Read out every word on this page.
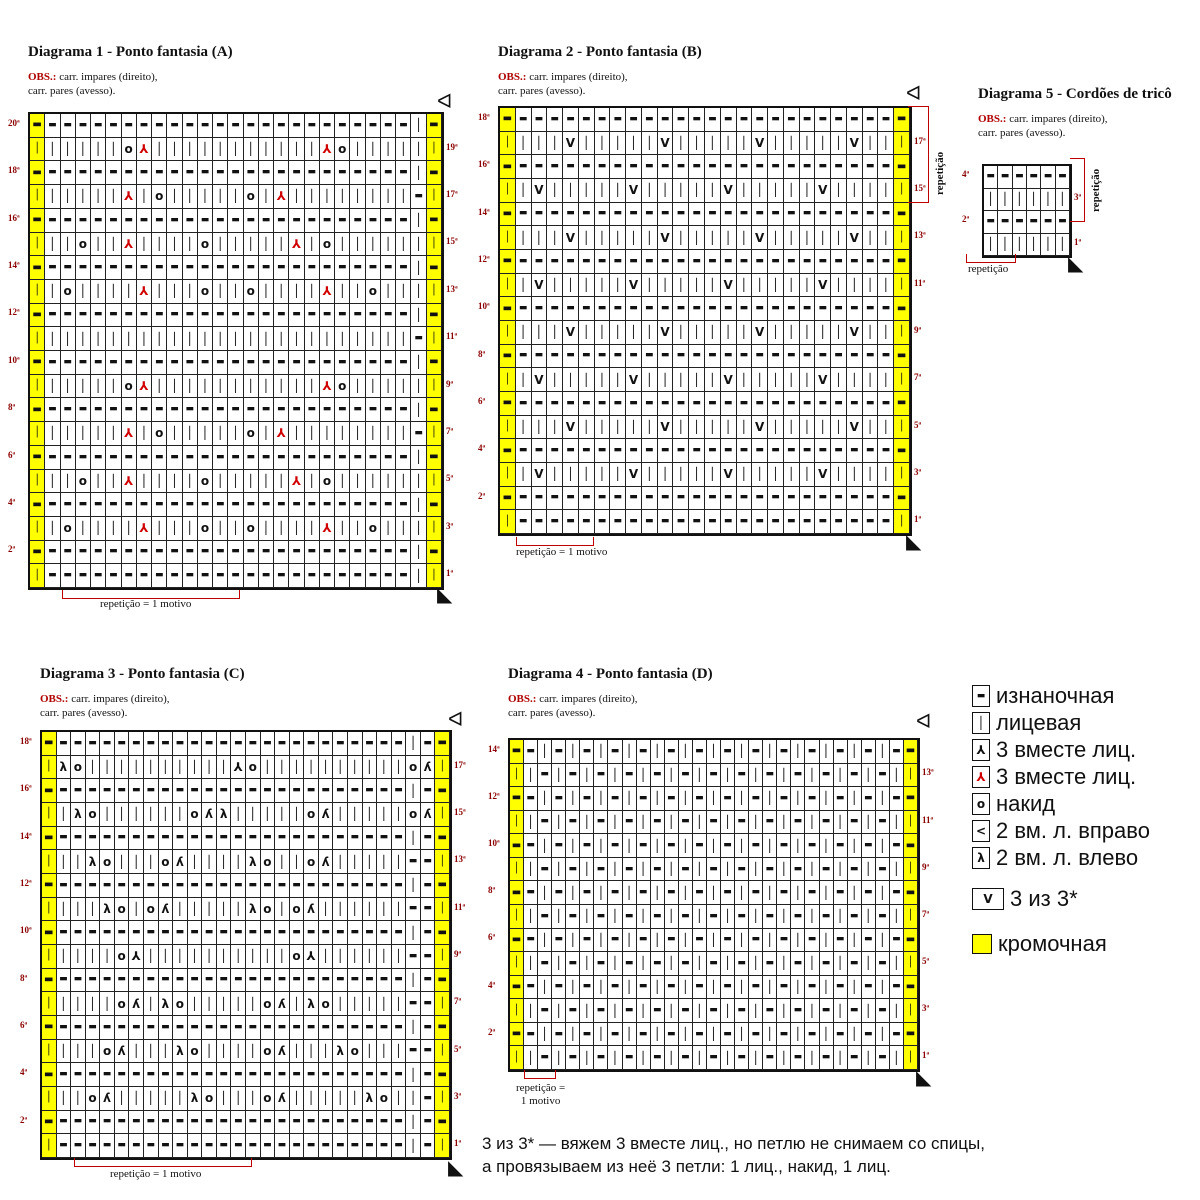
Diagrama 1 - Ponto fantasia (A)
OBS.: carr. impares (direito),
carr. pares (avesso).
▬ ▬ ▬ ▬ ▬ ▬ ▬ ▬ ▬ ▬ ▬ ▬ ▬ ▬ ▬ ▬ ▬ ▬ ▬ ▬ ▬ ▬ ▬ ▬ ▬ │ ▬
│ │ │ │ │ │ o ⅄ │ │ │ │ │ │ │ │ │ │ │ ⅄ o │ │ │ │ │ │
▬ ▬ ▬ ▬ ▬ ▬ ▬ ▬ ▬ ▬ ▬ ▬ ▬ ▬ ▬ ▬ ▬ ▬ ▬ ▬ ▬ ▬ ▬ ▬ ▬ │ ▬
│ │ │ │ │ │ ⅄ │ o │ │ │ │ │ o │ ⅄ │ │ │ │ │ │ │ │ ▬ │
▬ ▬ ▬ ▬ ▬ ▬ ▬ ▬ ▬ ▬ ▬ ▬ ▬ ▬ ▬ ▬ ▬ ▬ ▬ ▬ ▬ ▬ ▬ ▬ ▬ │ ▬
│ │ │ o │ │ ⅄ │ │ │ │ o │ │ │ │ │ ⅄ │ o │ │ │ │ │ │ │
▬ ▬ ▬ ▬ ▬ ▬ ▬ ▬ ▬ ▬ ▬ ▬ ▬ ▬ ▬ ▬ ▬ ▬ ▬ ▬ ▬ ▬ ▬ ▬ ▬ │ ▬
│ │ o │ │ │ │ ⅄ │ │ │ o │ │ o │ │ │ │ ⅄ │ │ o │ │ │ │
▬ ▬ ▬ ▬ ▬ ▬ ▬ ▬ ▬ ▬ ▬ ▬ ▬ ▬ ▬ ▬ ▬ ▬ ▬ ▬ ▬ ▬ ▬ ▬ ▬ │ ▬
│ │ │ │ │ │ │ │ │ │ │ │ │ │ │ │ │ │ │ │ │ │ │ │ │ ▬ │
▬ ▬ ▬ ▬ ▬ ▬ ▬ ▬ ▬ ▬ ▬ ▬ ▬ ▬ ▬ ▬ ▬ ▬ ▬ ▬ ▬ ▬ ▬ ▬ ▬ │ ▬
│ │ │ │ │ │ o ⅄ │ │ │ │ │ │ │ │ │ │ │ ⅄ o │ │ │ │ │ │
▬ ▬ ▬ ▬ ▬ ▬ ▬ ▬ ▬ ▬ ▬ ▬ ▬ ▬ ▬ ▬ ▬ ▬ ▬ ▬ ▬ ▬ ▬ ▬ ▬ │ ▬
│ │ │ │ │ │ ⅄ │ o │ │ │ │ │ o │ ⅄ │ │ │ │ │ │ │ │ ▬ │
▬ ▬ ▬ ▬ ▬ ▬ ▬ ▬ ▬ ▬ ▬ ▬ ▬ ▬ ▬ ▬ ▬ ▬ ▬ ▬ ▬ ▬ ▬ ▬ ▬ │ ▬
│ │ │ o │ │ ⅄ │ │ │ │ o │ │ │ │ │ ⅄ │ o │ │ │ │ │ │ │
▬ ▬ ▬ ▬ ▬ ▬ ▬ ▬ ▬ ▬ ▬ ▬ ▬ ▬ ▬ ▬ ▬ ▬ ▬ ▬ ▬ ▬ ▬ ▬ ▬ │ ▬
│ │ o │ │ │ │ ⅄ │ │ │ o │ │ o │ │ │ │ ⅄ │ │ o │ │ │ │
▬ ▬ ▬ ▬ ▬ ▬ ▬ ▬ ▬ ▬ ▬ ▬ ▬ ▬ ▬ ▬ ▬ ▬ ▬ ▬ ▬ ▬ ▬ ▬ ▬ │ ▬
│ ▬ ▬ ▬ ▬ ▬ ▬ ▬ ▬ ▬ ▬ ▬ ▬ ▬ ▬ ▬ ▬ ▬ ▬ ▬ ▬ ▬ ▬ ▬ ▬ │ │
20ª
18ª
16ª
14ª
12ª
10ª
8ª
6ª
4ª
2ª
19ª
17ª
15ª
13ª
11ª
9ª
7ª
5ª
3ª
1ª
repetição = 1 motivo
ᐊ
◣
Diagrama 2 - Ponto fantasia (B)
OBS.: carr. impares (direito),
carr. pares (avesso).
▬ ▬ ▬ ▬ ▬ ▬ ▬ ▬ ▬ ▬ ▬ ▬ ▬ ▬ ▬ ▬ ▬ ▬ ▬ ▬ ▬ ▬ ▬ ▬ ▬ ▬
│ │ │ │ V │ │ │ │ │ V │ │ │ │ │ V │ │ │ │ │ V │ │ │
▬ ▬ ▬ ▬ ▬ ▬ ▬ ▬ ▬ ▬ ▬ ▬ ▬ ▬ ▬ ▬ ▬ ▬ ▬ ▬ ▬ ▬ ▬ ▬ ▬ ▬
│ │ V │ │ │ │ │ V │ │ │ │ │ V │ │ │ │ │ V │ │ │ │ │
▬ ▬ ▬ ▬ ▬ ▬ ▬ ▬ ▬ ▬ ▬ ▬ ▬ ▬ ▬ ▬ ▬ ▬ ▬ ▬ ▬ ▬ ▬ ▬ ▬ ▬
│ │ │ │ V │ │ │ │ │ V │ │ │ │ │ V │ │ │ │ │ V │ │ │
▬ ▬ ▬ ▬ ▬ ▬ ▬ ▬ ▬ ▬ ▬ ▬ ▬ ▬ ▬ ▬ ▬ ▬ ▬ ▬ ▬ ▬ ▬ ▬ ▬ ▬
│ │ V │ │ │ │ │ V │ │ │ │ │ V │ │ │ │ │ V │ │ │ │ │
▬ ▬ ▬ ▬ ▬ ▬ ▬ ▬ ▬ ▬ ▬ ▬ ▬ ▬ ▬ ▬ ▬ ▬ ▬ ▬ ▬ ▬ ▬ ▬ ▬ ▬
│ │ │ │ V │ │ │ │ │ V │ │ │ │ │ V │ │ │ │ │ V │ │ │
▬ ▬ ▬ ▬ ▬ ▬ ▬ ▬ ▬ ▬ ▬ ▬ ▬ ▬ ▬ ▬ ▬ ▬ ▬ ▬ ▬ ▬ ▬ ▬ ▬ ▬
│ │ V │ │ │ │ │ V │ │ │ │ │ V │ │ │ │ │ V │ │ │ │ │
▬ ▬ ▬ ▬ ▬ ▬ ▬ ▬ ▬ ▬ ▬ ▬ ▬ ▬ ▬ ▬ ▬ ▬ ▬ ▬ ▬ ▬ ▬ ▬ ▬ ▬
│ │ │ │ V │ │ │ │ │ V │ │ │ │ │ V │ │ │ │ │ V │ │ │
▬ ▬ ▬ ▬ ▬ ▬ ▬ ▬ ▬ ▬ ▬ ▬ ▬ ▬ ▬ ▬ ▬ ▬ ▬ ▬ ▬ ▬ ▬ ▬ ▬ ▬
│ │ V │ │ │ │ │ V │ │ │ │ │ V │ │ │ │ │ V │ │ │ │ │
▬ ▬ ▬ ▬ ▬ ▬ ▬ ▬ ▬ ▬ ▬ ▬ ▬ ▬ ▬ ▬ ▬ ▬ ▬ ▬ ▬ ▬ ▬ ▬ ▬ ▬
│ ▬ ▬ ▬ ▬ ▬ ▬ ▬ ▬ ▬ ▬ ▬ ▬ ▬ ▬ ▬ ▬ ▬ ▬ ▬ ▬ ▬ ▬ ▬ ▬ │
18ª
16ª
14ª
12ª
10ª
8ª
6ª
4ª
2ª
17ª
15ª
13ª
11ª
9ª
7ª
5ª
3ª
1ª
repetição = 1 motivo
repetição
ᐊ
◣
Diagrama 5 - Cordões de tricô
OBS.: carr. impares (direito),
carr. pares (avesso).
▬ ▬ ▬ ▬ ▬ ▬
│ │ │ │ │ │
▬ ▬ ▬ ▬ ▬ ▬
│ │ │ │ │ │
4ª
2ª
3ª
1ª
repetição
repetição
◣
Diagrama 3 - Ponto fantasia (C)
OBS.: carr. impares (direito),
carr. pares (avesso).
▬ ▬ ▬ ▬ ▬ ▬ ▬ ▬ ▬ ▬ ▬ ▬ ▬ ▬ ▬ ▬ ▬ ▬ ▬ ▬ ▬ ▬ ▬ ▬ ▬ │ ▬ ▬
│ λ o │ │ │ │ │ │ │ │ │ │ ⅄ o │ │ │ │ │ │ │ │ │ │ o ʎ │
▬ ▬ ▬ ▬ ▬ ▬ ▬ ▬ ▬ ▬ ▬ ▬ ▬ ▬ ▬ ▬ ▬ ▬ ▬ ▬ ▬ ▬ ▬ ▬ ▬ │ ▬ ▬
│ │ λ o │ │ │ │ │ │ o ʎ λ │ │ │ │ │ o ʎ │ │ │ │ │ o ʎ │
▬ ▬ ▬ ▬ ▬ ▬ ▬ ▬ ▬ ▬ ▬ ▬ ▬ ▬ ▬ ▬ ▬ ▬ ▬ ▬ ▬ ▬ ▬ ▬ ▬ │ ▬ ▬
│ │ │ λ o │ │ │ o ʎ │ │ │ │ λ o │ │ o ʎ │ │ │ │ │ ▬ ▬ │
▬ ▬ ▬ ▬ ▬ ▬ ▬ ▬ ▬ ▬ ▬ ▬ ▬ ▬ ▬ ▬ ▬ ▬ ▬ ▬ ▬ ▬ ▬ ▬ ▬ │ ▬ ▬
│ │ │ │ λ o │ o ʎ │ │ │ │ │ λ o │ o ʎ │ │ │ │ │ │ ▬ ▬ │
▬ ▬ ▬ ▬ ▬ ▬ ▬ ▬ ▬ ▬ ▬ ▬ ▬ ▬ ▬ ▬ ▬ ▬ ▬ ▬ ▬ ▬ ▬ ▬ ▬ │ ▬ ▬
│ │ │ │ │ o ⅄ │ │ │ │ │ │ │ │ │ │ o ⅄ │ │ │ │ │ │ ▬ ▬ │
▬ ▬ ▬ ▬ ▬ ▬ ▬ ▬ ▬ ▬ ▬ ▬ ▬ ▬ ▬ ▬ ▬ ▬ ▬ ▬ ▬ ▬ ▬ ▬ ▬ │ ▬ ▬
│ │ │ │ │ o ʎ │ λ o │ │ │ │ │ o ʎ │ λ o │ │ │ │ │ ▬ ▬ │
▬ ▬ ▬ ▬ ▬ ▬ ▬ ▬ ▬ ▬ ▬ ▬ ▬ ▬ ▬ ▬ ▬ ▬ ▬ ▬ ▬ ▬ ▬ ▬ ▬ │ ▬ ▬
│ │ │ │ o ʎ │ │ │ λ o │ │ │ │ o ʎ │ │ │ λ o │ │ │ ▬ ▬ │
▬ ▬ ▬ ▬ ▬ ▬ ▬ ▬ ▬ ▬ ▬ ▬ ▬ ▬ ▬ ▬ ▬ ▬ ▬ ▬ ▬ ▬ ▬ ▬ ▬ │ ▬ ▬
│ │ │ o ʎ │ │ │ │ │ λ o │ │ │ o ʎ │ │ │ │ │ λ o │ │ ▬ │
▬ ▬ ▬ ▬ ▬ ▬ ▬ ▬ ▬ ▬ ▬ ▬ ▬ ▬ ▬ ▬ ▬ ▬ ▬ ▬ ▬ ▬ ▬ ▬ ▬ │ ▬ ▬
│ ▬ ▬ ▬ ▬ ▬ ▬ ▬ ▬ ▬ ▬ ▬ ▬ ▬ ▬ ▬ ▬ ▬ ▬ ▬ ▬ ▬ ▬ ▬ ▬ │ ▬ │
18ª
16ª
14ª
12ª
10ª
8ª
6ª
4ª
2ª
17ª
15ª
13ª
11ª
9ª
7ª
5ª
3ª
1ª
repetição = 1 motivo
ᐊ
◣
Diagrama 4 - Ponto fantasia (D)
OBS.: carr. impares (direito),
carr. pares (avesso).
▬ ▬ │ ▬ │ ▬ │ ▬ │ ▬ │ ▬ │ ▬ │ ▬ │ ▬ │ ▬ │ ▬ │ ▬ │ ▬ │ ▬ ▬
│ │ ▬ │ ▬ │ ▬ │ ▬ │ ▬ │ ▬ │ ▬ │ ▬ │ ▬ │ ▬ │ ▬ │ ▬ │ ▬ │ │
▬ ▬ │ ▬ │ ▬ │ ▬ │ ▬ │ ▬ │ ▬ │ ▬ │ ▬ │ ▬ │ ▬ │ ▬ │ ▬ │ ▬ ▬
│ │ ▬ │ ▬ │ ▬ │ ▬ │ ▬ │ ▬ │ ▬ │ ▬ │ ▬ │ ▬ │ ▬ │ ▬ │ ▬ │ │
▬ ▬ │ ▬ │ ▬ │ ▬ │ ▬ │ ▬ │ ▬ │ ▬ │ ▬ │ ▬ │ ▬ │ ▬ │ ▬ │ ▬ ▬
│ │ ▬ │ ▬ │ ▬ │ ▬ │ ▬ │ ▬ │ ▬ │ ▬ │ ▬ │ ▬ │ ▬ │ ▬ │ ▬ │ │
▬ ▬ │ ▬ │ ▬ │ ▬ │ ▬ │ ▬ │ ▬ │ ▬ │ ▬ │ ▬ │ ▬ │ ▬ │ ▬ │ ▬ ▬
│ │ ▬ │ ▬ │ ▬ │ ▬ │ ▬ │ ▬ │ ▬ │ ▬ │ ▬ │ ▬ │ ▬ │ ▬ │ ▬ │ │
▬ ▬ │ ▬ │ ▬ │ ▬ │ ▬ │ ▬ │ ▬ │ ▬ │ ▬ │ ▬ │ ▬ │ ▬ │ ▬ │ ▬ ▬
│ │ ▬ │ ▬ │ ▬ │ ▬ │ ▬ │ ▬ │ ▬ │ ▬ │ ▬ │ ▬ │ ▬ │ ▬ │ ▬ │ │
▬ ▬ │ ▬ │ ▬ │ ▬ │ ▬ │ ▬ │ ▬ │ ▬ │ ▬ │ ▬ │ ▬ │ ▬ │ ▬ │ ▬ ▬
│ │ ▬ │ ▬ │ ▬ │ ▬ │ ▬ │ ▬ │ ▬ │ ▬ │ ▬ │ ▬ │ ▬ │ ▬ │ ▬ │ │
▬ ▬ │ ▬ │ ▬ │ ▬ │ ▬ │ ▬ │ ▬ │ ▬ │ ▬ │ ▬ │ ▬ │ ▬ │ ▬ │ ▬ ▬
│ │ ▬ │ ▬ │ ▬ │ ▬ │ ▬ │ ▬ │ ▬ │ ▬ │ ▬ │ ▬ │ ▬ │ ▬ │ ▬ │ │
14ª
12ª
10ª
8ª
6ª
4ª
2ª
13ª
11ª
9ª
7ª
5ª
3ª
1ª
repetição =
1 motivo
ᐊ
◣
▬ изнаночная
│ лицевая
⅄ 3 вместе лиц.
⅄ 3 вместе лиц.
o накид
< 2 вм. л. вправо
λ 2 вм. л. влево
V 3 из 3*
кромочная
3 из 3* — вяжем 3 вместе лиц., но петлю не снимаем со спицы,
а провязываем из неё 3 петли: 1 лиц., накид, 1 лиц.
